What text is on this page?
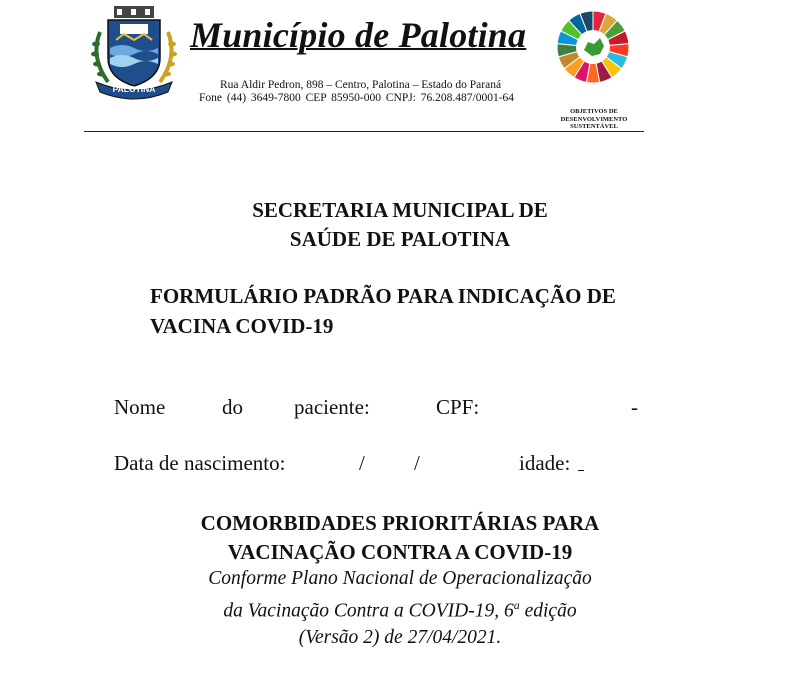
PALOTINA
Município de Palotina
Rua Aldir Pedron, 898 – Centro, Palotina – Estado do Paraná
Fone (44) 3649-7800 CEP 85950-000 CNPJ: 76.208.487/0001-64
OBJETIVOS DE
DESENVOLVIMENTO
SUSTENTÁVEL
SECRETARIA MUNICIPAL DE
SAÚDE DE PALOTINA
FORMULÁRIO PADRÃO PARA INDICAÇÃO DE
VACINA COVID-19
Nome	do paciente:	CPF:	-
Data de nascimento:	/ /	idade:
COMORBIDADES PRIORITÁRIAS PARA
VACINAÇÃO CONTRA A COVID-19
Conforme Plano Nacional de Operacionalização
da Vacinação Contra a COVID-19, 6$^a$ edição
(Versão 2) de 27/04/2021.
